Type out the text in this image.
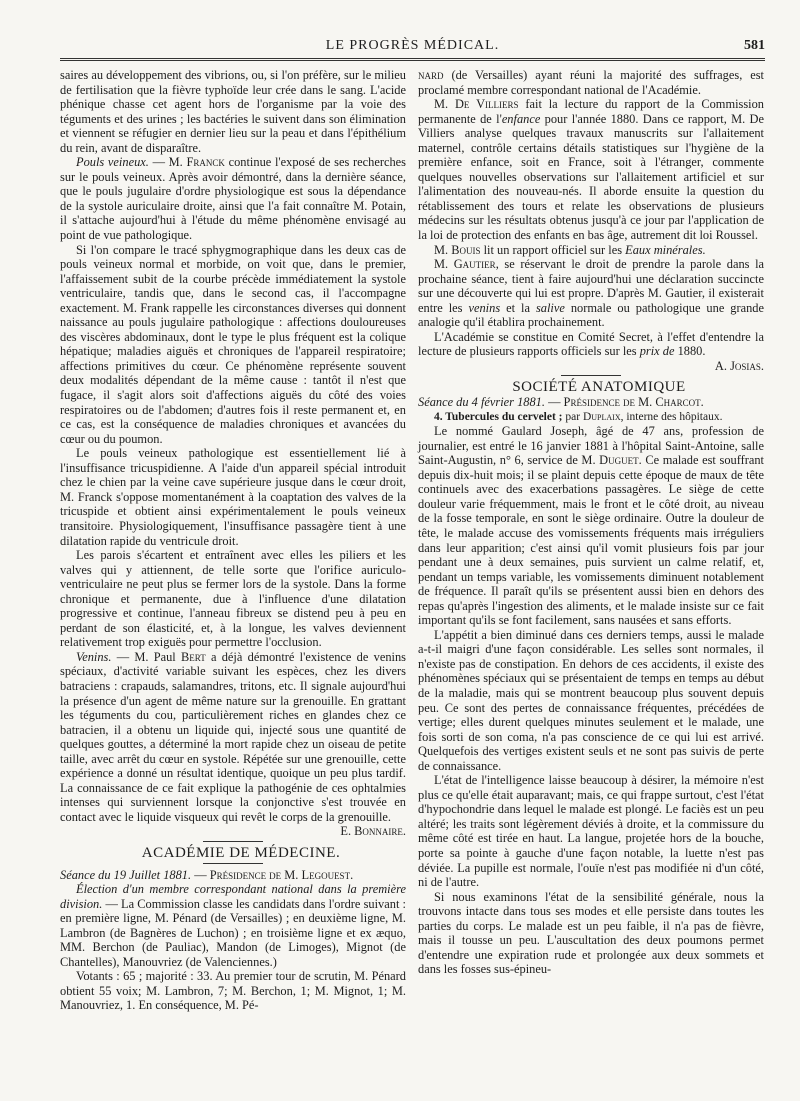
LE PROGRÈS MÉDICAL.	581

saires au développement des vibrions, ou, si l'on préfère, sur le milieu de fertilisation que la fièvre typhoïde leur crée dans le sang. L'acide phénique chasse cet agent hors de l'organisme par la voie des téguments et des urines ; les bactéries le suivent dans son élimination et viennent se réfugier en dernier lieu sur la peau et dans l'épithélium du rein, avant de disparaître.

Pouls veineux. — M. Franck continue l'exposé de ses recherches sur le pouls veineux. Après avoir démontré, dans la dernière séance, que le pouls jugulaire d'ordre physiologique est sous la dépendance de la systole auriculaire droite, ainsi que l'a fait connaître M. Potain, il s'attache aujourd'hui à l'étude du même phénomène envisagé au point de vue pathologique.

Si l'on compare le tracé sphygmographique dans les deux cas de pouls veineux normal et morbide, on voit que, dans le premier, l'affaissement subit de la courbe précède immédiatement la systole ventriculaire, tandis que, dans le second cas, il l'accompagne exactement. M. Frank rappelle les circonstances diverses qui donnent naissance au pouls jugulaire pathologique : affections douloureuses des viscères abdominaux, dont le type le plus fréquent est la colique hépatique; maladies aiguës et chroniques de l'appareil respiratoire; affections primitives du cœur. Ce phénomène représente souvent deux modalités dépendant de la même cause : tantôt il n'est que fugace, il s'agit alors soit d'affections aiguës du côté des voies respiratoires ou de l'abdomen; d'autres fois il reste permanent et, en ce cas, est la conséquence de maladies chroniques et avancées du cœur ou du poumon.

Le pouls veineux pathologique est essentiellement lié à l'insuffisance tricuspidienne. A l'aide d'un appareil spécial introduit chez le chien par la veine cave supérieure jusque dans le cœur droit, M. Franck s'oppose momentanément à la coaptation des valves de la tricuspide et obtient ainsi expérimentalement le pouls veineux transitoire. Physiologiquement, l'insuffisance passagère tient à une dilatation rapide du ventricule droit.

Les parois s'écartent et entraînent avec elles les piliers et les valves qui y attiennent, de telle sorte que l'orifice auriculo-ventriculaire ne peut plus se fermer lors de la systole. Dans la forme chronique et permanente, due à l'influence d'une dilatation progressive et continue, l'anneau fibreux se distend peu à peu en perdant de son élasticité, et, à la longue, les valves deviennent relativement trop exiguës pour permettre l'occlusion.

Venins. — M. Paul Bert a déjà démontré l'existence de venins spéciaux, d'activité variable suivant les espèces, chez les divers batraciens : crapauds, salamandres, tritons, etc. Il signale aujourd'hui la présence d'un agent de même nature sur la grenouille. En grattant les téguments du cou, particulièrement riches en glandes chez ce batracien, il a obtenu un liquide qui, injecté sous une quantité de quelques gouttes, a déterminé la mort rapide chez un oiseau de petite taille, avec arrêt du cœur en systole. Répétée sur une grenouille, cette expérience a donné un résultat identique, quoique un peu plus tardif. La connaissance de ce fait explique la pathogénie de ces ophtalmies intenses qui surviennent lorsque la conjonctive s'est trouvée en contact avec le liquide visqueux qui revêt le corps de la grenouille.

E. Bonnaire.

ACADÉMIE DE MÉDECINE.

Séance du 19 Juillet 1881. — Présidence de M. Legouest.

Élection d'un membre correspondant national dans la première division. — La Commission classe les candidats dans l'ordre suivant : en première ligne, M. Pénard (de Versailles) ; en deuxième ligne, M. Lambron (de Bagnères de Luchon) ; en troisième ligne et ex æquo, MM. Berchon (de Pauliac), Mandon (de Limoges), Mignot (de Chantelles), Manouvriez (de Valenciennes.)

Votants : 65 ; majorité : 33. Au premier tour de scrutin, M. Pénard obtient 55 voix; M. Lambron, 7; M. Berchon, 1; M. Mignot, 1; M. Manouvriez, 1. En conséquence, M. Pé-

nard (de Versailles) ayant réuni la majorité des suffrages, est proclamé membre correspondant national de l'Académie.

M. De Villiers fait la lecture du rapport de la Commission permanente de l'enfance pour l'année 1880. Dans ce rapport, M. De Villiers analyse quelques travaux manuscrits sur l'allaitement maternel, contrôle certains détails statistiques sur l'hygiène de la première enfance, soit en France, soit à l'étranger, commente quelques nouvelles observations sur l'allaitement artificiel et sur l'alimentation des nouveau-nés. Il aborde ensuite la question du rétablissement des tours et relate les observations de plusieurs médecins sur les résultats obtenus jusqu'à ce jour par l'application de la loi de protection des enfants en bas âge, autrement dit loi Roussel.

M. Bouis lit un rapport officiel sur les Eaux minérales.

M. Gautier, se réservant le droit de prendre la parole dans la prochaine séance, tient à faire aujourd'hui une déclaration succincte sur une découverte qui lui est propre. D'après M. Gautier, il existerait entre les venins et la salive normale ou pathologique une grande analogie qu'il établira prochainement.

L'Académie se constitue en Comité Secret, à l'effet d'entendre la lecture de plusieurs rapports officiels sur les prix de 1880.

A. Josias.

SOCIÉTÉ ANATOMIQUE

Séance du 4 février 1881. — Présidence de M. Charcot.

4. Tubercules du cervelet ; par Duplaix, interne des hôpitaux.

Le nommé Gaulard Joseph, âgé de 47 ans, profession de journalier, est entré le 16 janvier 1881 à l'hôpital Saint-Antoine, salle Saint-Augustin, n° 6, service de M. Duguet. Ce malade est souffrant depuis dix-huit mois; il se plaint depuis cette époque de maux de tête continuels avec des exacerbations passagères. Le siège de cette douleur varie fréquemment, mais le front et le côté droit, au niveau de la fosse temporale, en sont le siège ordinaire. Outre la douleur de tête, le malade accuse des vomissements fréquents mais irréguliers dans leur apparition; c'est ainsi qu'il vomit plusieurs fois par jour pendant une à deux semaines, puis survient un calme relatif, et, pendant un temps variable, les vomissements diminuent notablement de fréquence. Il paraît qu'ils se présentent aussi bien en dehors des repas qu'après l'ingestion des aliments, et le malade insiste sur ce fait important qu'ils se font facilement, sans nausées et sans efforts.

L'appétit a bien diminué dans ces derniers temps, aussi le malade a-t-il maigri d'une façon considérable. Les selles sont normales, il n'existe pas de constipation. En dehors de ces accidents, il existe des phénomènes spéciaux qui se présentaient de temps en temps au début de la maladie, mais qui se montrent beaucoup plus souvent depuis peu. Ce sont des pertes de connaissance fréquentes, précédées de vertige; elles durent quelques minutes seulement et le malade, une fois sorti de son coma, n'a pas conscience de ce qui lui est arrivé. Quelquefois des vertiges existent seuls et ne sont pas suivis de perte de connaissance.

L'état de l'intelligence laisse beaucoup à désirer, la mémoire n'est plus ce qu'elle était auparavant; mais, ce qui frappe surtout, c'est l'état d'hypochondrie dans lequel le malade est plongé. Le faciès est un peu altéré; les traits sont légèrement déviés à droite, et la commissure du même côté est tirée en haut. La langue, projetée hors de la bouche, porte sa pointe à gauche d'une façon notable, la luette n'est pas déviée. La pupille est normale, l'ouïe n'est pas modifiée ni d'un côté, ni de l'autre.

Si nous examinons l'état de la sensibilité générale, nous la trouvons intacte dans tous ses modes et elle persiste dans toutes les parties du corps. Le malade est un peu faible, il n'a pas de fièvre, mais il tousse un peu. L'auscultation des deux poumons permet d'entendre une expiration rude et prolongée aux deux sommets et dans les fosses sus-épineu-
